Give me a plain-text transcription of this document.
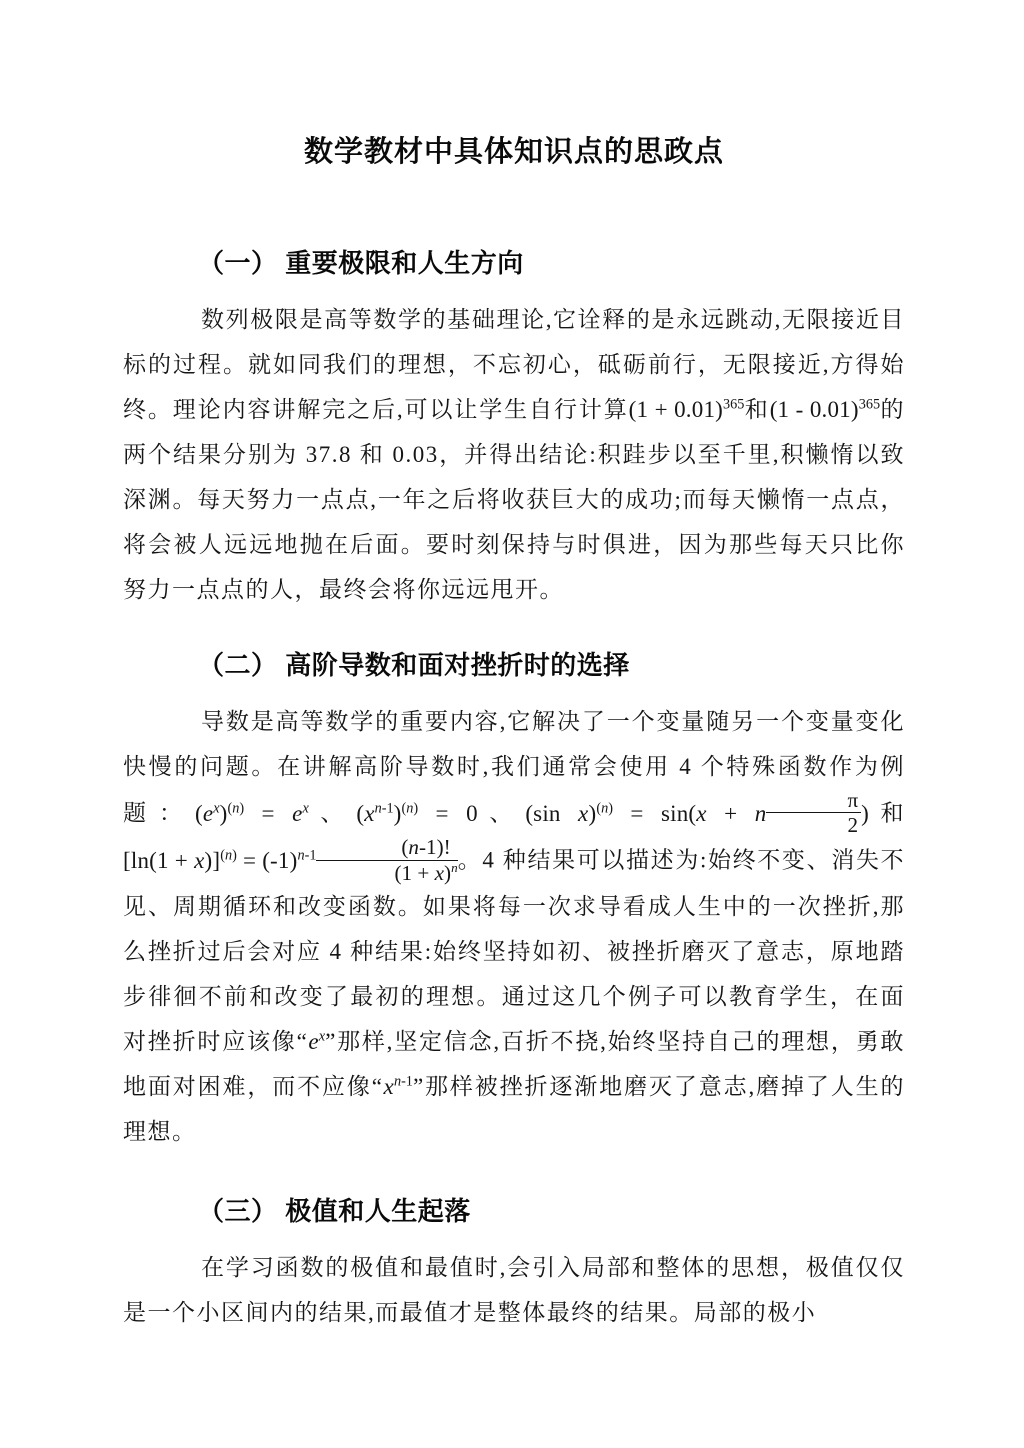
数学教材中具体知识点的思政点
（一） 重要极限和人生方向

数列极限是高等数学的基础理论,它诠释的是永远跳动,无限接近目标的过程。就如同我们的理想，不忘初心，砥砺前行，无限接近,方得始终。理论内容讲解完之后,可以让学生自行计算$(1 + 0.01)^{365}$和(1 - 0.01)$^{365}$的两个结果分别为 37.8 和 0.03，并得出结论:积跬步以至千里,积懒惰以致深渊。每天努力一点点,一年之后将收获巨大的成功;而每天懒惰一点点，将会被人远远地抛在后面。要时刻保持与时俱进，因为那些每天只比你努力一点点的人，最终会将你远远甩开。

（二） 高阶导数和面对挫折时的选择

导数是高等数学的重要内容,它解决了一个变量随另一个变量变化快慢的问题。在讲解高阶导数时,我们通常会使用 4 个特殊函数作为例题：$(e^x)^{(n)} = e^x$、$(x^{n-1})^{(n)} = 0$、(sin x)$^{(n)}$ = sin(x + n $\frac{\pi}{2}$ )和$[\ln(1 + x)]^{(n)} = (-1)^{n-1} \frac{(n-1)!}{(1 + x)^n}$ 。4 种结果可以描述为:始终不变、消失不见、周期循环和改变函数。如果将每一次求导看成人生中的一次挫折,那么挫折过后会对应 4 种结果:始终坚持如初、被挫折磨灭了意志，原地踏步徘徊不前和改变了最初的理想。通过这几个例子可以教育学生，在面对挫折时应该像“$e^x$”那样,坚定信念,百折不挠,始终坚持自己的理想，勇敢地面对困难，而不应像“$x^{n-1}$”那样被挫折逐渐地磨灭了意志,磨掉了人生的理想。

（三） 极值和人生起落

在学习函数的极值和最值时,会引入局部和整体的思想，极值仅仅是一个小区间内的结果,而最值才是整体最终的结果。局部的极小
